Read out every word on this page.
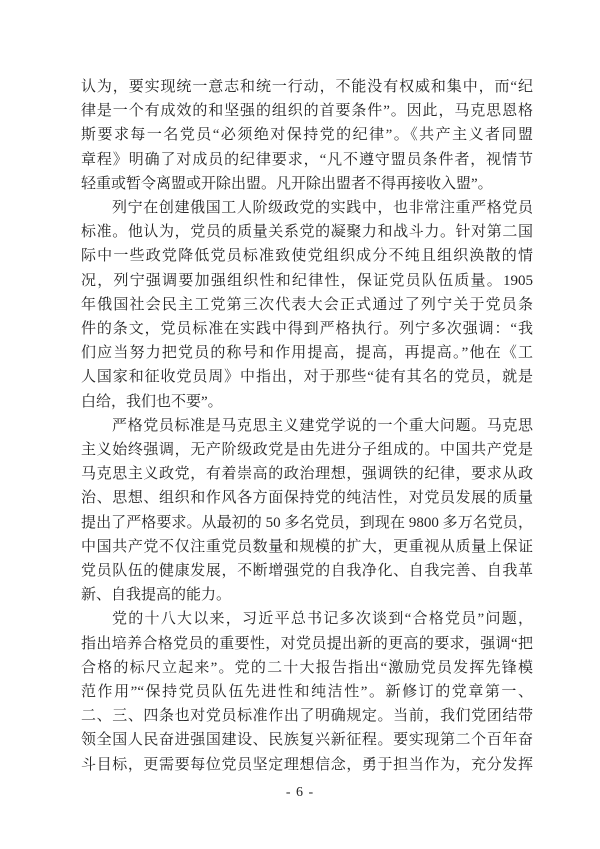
认为，要实现统一意志和统一行动，不能没有权威和集中，而“纪
律是一个有成效的和坚强的组织的首要条件”。因此，马克思恩格
斯要求每一名党员“必须绝对保持党的纪律”。《共产主义者同盟
章程》明确了对成员的纪律要求，“凡不遵守盟员条件者，视情节
轻重或暂令离盟或开除出盟。凡开除出盟者不得再接收入盟”。
列宁在创建俄国工人阶级政党的实践中，也非常注重严格党员
标准。他认为，党员的质量关系党的凝聚力和战斗力。针对第二国
际中一些政党降低党员标准致使党组织成分不纯且组织涣散的情
况，列宁强调要加强组织性和纪律性，保证党员队伍质量。1905
年俄国社会民主工党第三次代表大会正式通过了列宁关于党员条
件的条文，党员标准在实践中得到严格执行。列宁多次强调：“我
们应当努力把党员的称号和作用提高，提高，再提高。”他在《工
人国家和征收党员周》中指出，对于那些“徒有其名的党员，就是
白给，我们也不要”。
严格党员标准是马克思主义建党学说的一个重大问题。马克思
主义始终强调，无产阶级政党是由先进分子组成的。中国共产党是
马克思主义政党，有着崇高的政治理想，强调铁的纪律，要求从政
治、思想、组织和作风各方面保持党的纯洁性，对党员发展的质量
提出了严格要求。从最初的 50 多名党员，到现在 9800 多万名党员，
中国共产党不仅注重党员数量和规模的扩大，更重视从质量上保证
党员队伍的健康发展，不断增强党的自我净化、自我完善、自我革
新、自我提高的能力。
党的十八大以来，习近平总书记多次谈到“合格党员”问题，
指出培养合格党员的重要性，对党员提出新的更高的要求，强调“把
合格的标尺立起来”。党的二十大报告指出“激励党员发挥先锋模
范作用”“保持党员队伍先进性和纯洁性”。新修订的党章第一、
二、三、四条也对党员标准作出了明确规定。当前，我们党团结带
领全国人民奋进强国建设、民族复兴新征程。要实现第二个百年奋
斗目标，更需要每位党员坚定理想信念，勇于担当作为，充分发挥
- 6 -
